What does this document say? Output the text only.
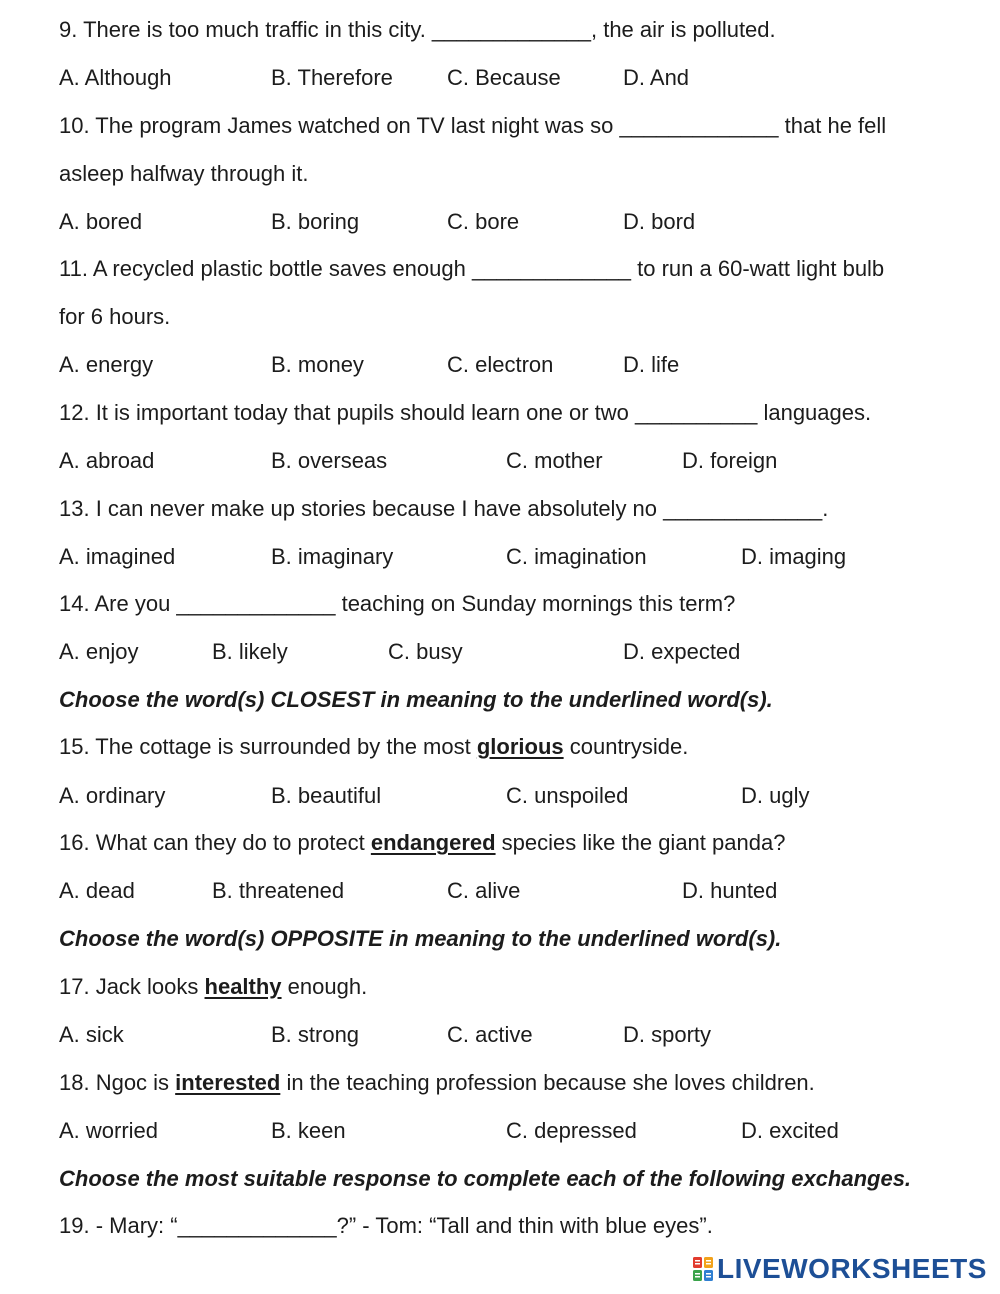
9. There is too much traffic in this city. _____________, the air is polluted.
A. Although	B. Therefore C. Because	D. And
10. The program James watched on TV last night was so _____________ that he fell
asleep halfway through it.
A. bored	B. boring	C. bore	D. bord
11. A recycled plastic bottle saves enough _____________ to run a 60-watt light bulb
for 6 hours.
A. energy	B. money	C. electron	D. life
12. It is important today that pupils should learn one or two __________ languages.
A. abroad	B. overseas	C. mother	D. foreign
13. I can never make up stories because I have absolutely no _____________.
A. imagined	B. imaginary	C. imagination	D. imaging
14. Are you _____________ teaching on Sunday mornings this term?
A. enjoy	B. likely	C. busy	D. expected
Choose the word(s) CLOSEST in meaning to the underlined word(s).
15. The cottage is surrounded by the most glorious countryside.
A. ordinary	B. beautiful	C. unspoiled	D. ugly
16. What can they do to protect endangered species like the giant panda?
A. dead	B. threatened	C. alive	D. hunted
Choose the word(s) OPPOSITE in meaning to the underlined word(s).
17. Jack looks healthy enough.
A. sick	B. strong	C. active	D. sporty
18. Ngoc is interested in the teaching profession because she loves children.
A. worried	B. keen	C. depressed	D. excited
Choose the most suitable response to complete each of the following exchanges.
19. - Mary: “_____________?” - Tom: “Tall and thin with blue eyes”.
LIVEWORKSHEETS
